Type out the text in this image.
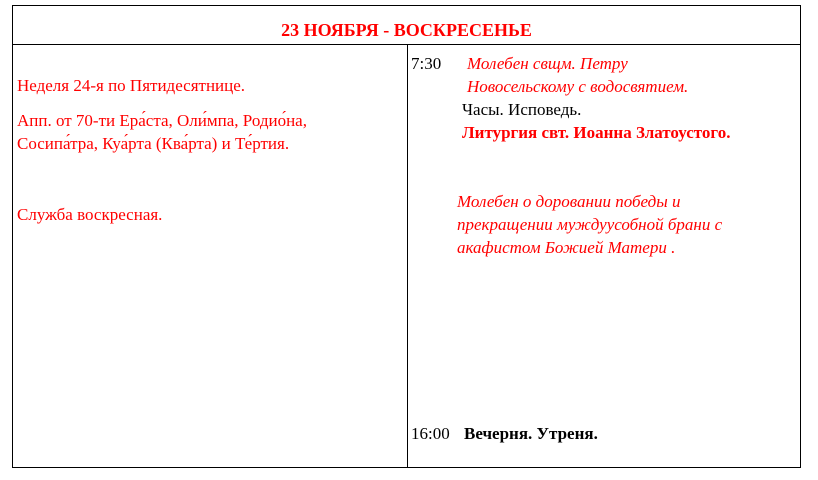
23 НОЯБРЯ - ВОСКРЕСЕНЬЕ
Неделя 24-я по Пятидесятнице.
Апп. от 70-ти Ера́ста, Оли́мпа, Родио́на,
Сосипа́тра, Куа́рта (Ква́рта) и Те́ртия.
Служба воскресная.
7:30 Молебен свщм. Петру
Новосельскому с водосвятием.
Часы. Исповедь.
Литургия свт. Иоанна Златоустого.
Молебен о доровании победы и
прекращении муждуусобной брани с
акафистом Божией Матери .
16:00 Вечерня. Утреня.
